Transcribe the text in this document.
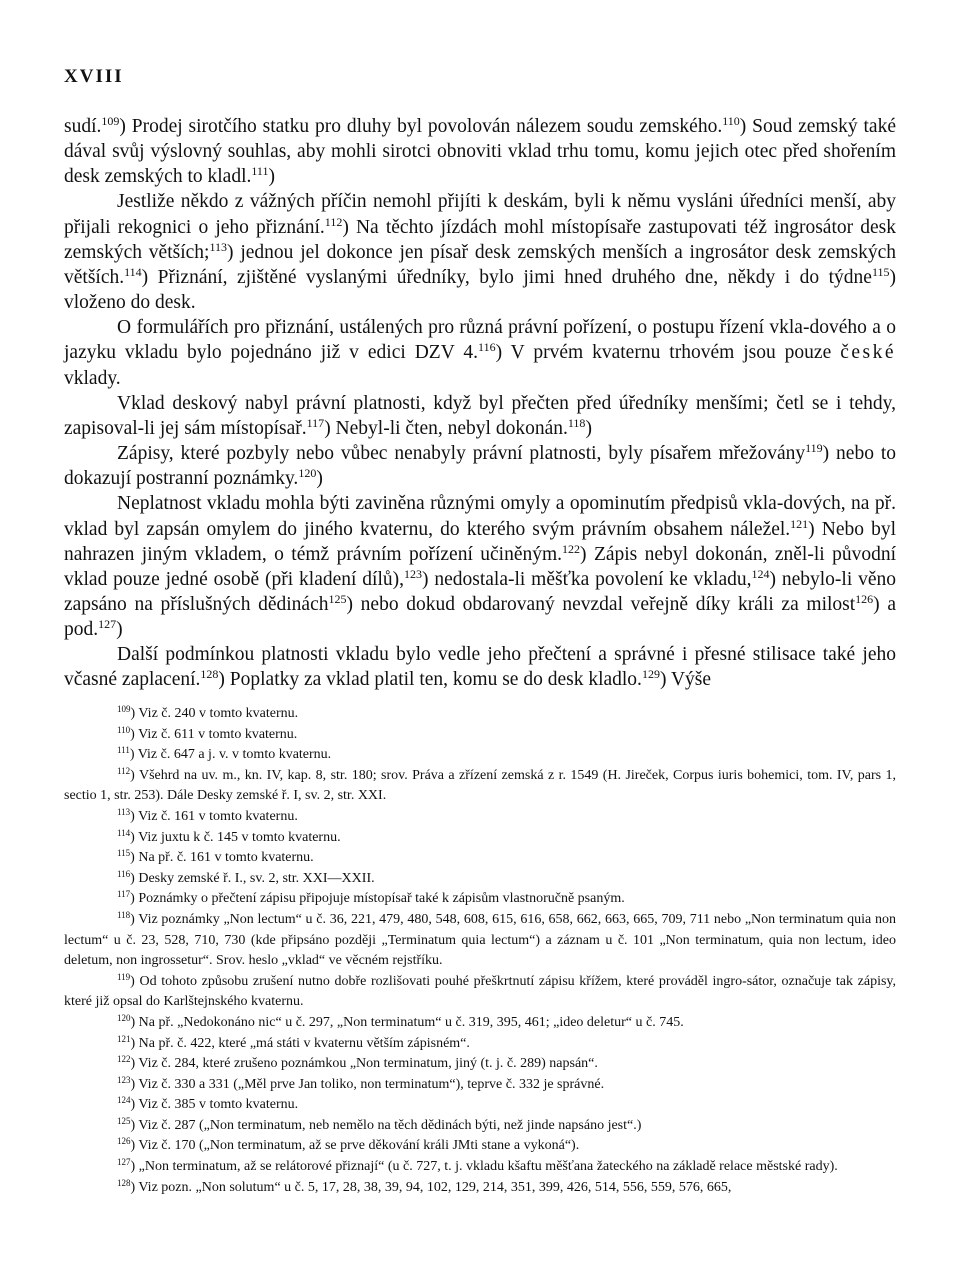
XVIII

sudí.$^{109}$) Prodej sirotčího statku pro dluhy byl povolován nálezem soudu zemského.$^{110}$) Soud zemský také dával svůj výslovný souhlas, aby mohli sirotci obnoviti vklad trhu tomu, komu jejich otec před shořením desk zemských to kladl.$^{111}$)

Jestliže někdo z vážných příčin nemohl přijíti k deskám, byli k němu vysláni úředníci menší, aby přijali rekognici o jeho přiznání.$^{112}$) Na těchto jízdách mohl místopísaře zastupovati též ingrosátor desk zemských větších;$^{113}$) jednou jel dokonce jen písař desk zemských menších a ingrosátor desk zemských větších.$^{114}$) Přiznání, zjištěné vyslanými úředníky, bylo jimi hned druhého dne, někdy i do týdne$^{115}$) vloženo do desk.

O formulářích pro přiznání, ustálených pro různá právní pořízení, o postupu řízení vkla-dového a o jazyku vkladu bylo pojednáno již v edici DZV 4.$^{116}$) V prvém kvaternu trhovém jsou pouze české vklady.

Vklad deskový nabyl právní platnosti, když byl přečten před úředníky menšími; četl se i tehdy, zapisoval-li jej sám místopísař.$^{117}$) Nebyl-li čten, nebyl dokonán.$^{118}$)

Zápisy, které pozbyly nebo vůbec nenabyly právní platnosti, byly písařem mřežovány$^{119}$) nebo to dokazují postranní poznámky.$^{120}$)

Neplatnost vkladu mohla býti zaviněna různými omyly a opominutím předpisů vkla-dových, na př. vklad byl zapsán omylem do jiného kvaternu, do kterého svým právním obsahem náležel.$^{121}$) Nebo byl nahrazen jiným vkladem, o témž právním pořízení učiněným.$^{122}$) Zápis nebyl dokonán, zněl-li původní vklad pouze jedné osobě (při kladení dílů),$^{123}$) nedostala-li měšťka povolení ke vkladu,$^{124}$) nebylo-li věno zapsáno na příslušných dědinách$^{125}$) nebo dokud obdarovaný nevzdal veřejně díky králi za milost$^{126}$) a pod.$^{127}$)

Další podmínkou platnosti vkladu bylo vedle jeho přečtení a správné i přesné stilisace také jeho včasné zaplacení.$^{128}$) Poplatky za vklad platil ten, komu se do desk kladlo.$^{129}$) Výše

$^{109}$) Viz č. 240 v tomto kvaternu.

$^{110}$) Viz č. 611 v tomto kvaternu.

$^{111}$) Viz č. 647 a j. v. v tomto kvaternu.

$^{112}$) Všehrd na uv. m., kn. IV, kap. 8, str. 180; srov. Práva a zřízení zemská z r. 1549 (H. Jireček, Corpus iuris bohemici, tom. IV, pars 1, sectio 1, str. 253). Dále Desky zemské ř. I, sv. 2, str. XXI.

$^{113}$) Viz č. 161 v tomto kvaternu.

$^{114}$) Viz juxtu k č. 145 v tomto kvaternu.

$^{115}$) Na př. č. 161 v tomto kvaternu.

$^{116}$) Desky zemské ř. I., sv. 2, str. XXI—XXII.

$^{117}$) Poznámky o přečtení zápisu připojuje místopísař také k zápisům vlastnoručně psaným.

$^{118}$) Viz poznámky „Non lectum“ u č. 36, 221, 479, 480, 548, 608, 615, 616, 658, 662, 663, 665, 709, 711 nebo „Non terminatum quia non lectum“ u č. 23, 528, 710, 730 (kde připsáno později „Terminatum quia lectum“) a záznam u č. 101 „Non terminatum, quia non lectum, ideo deletum, non ingrossetur“. Srov. heslo „vklad“ ve věcném rejstříku.

$^{119}$) Od tohoto způsobu zrušení nutno dobře rozlišovati pouhé přeškrtnutí zápisu křížem, které prováděl ingro-sátor, označuje tak zápisy, které již opsal do Karlštejnského kvaternu.

$^{120}$) Na př. „Nedokonáno nic“ u č. 297, „Non terminatum“ u č. 319, 395, 461; „ideo deletur“ u č. 745.

$^{121}$) Na př. č. 422, které „má státi v kvaternu větším zápisném“.

$^{122}$) Viz č. 284, které zrušeno poznámkou „Non terminatum, jiný (t. j. č. 289) napsán“.

$^{123}$) Viz č. 330 a 331 („Měl prve Jan toliko, non terminatum“), teprve č. 332 je správné.

$^{124}$) Viz č. 385 v tomto kvaternu.

$^{125}$) Viz č. 287 („Non terminatum, neb nemělo na těch dědinách býti, než jinde napsáno jest“.)

$^{126}$) Viz č. 170 („Non terminatum, až se prve děkování králi JMti stane a vykoná“).

$^{127}$) „Non terminatum, až se relátorové přiznají“ (u č. 727, t. j. vkladu kšaftu měšťana žateckého na základě relace městské rady).

$^{128}$) Viz pozn. „Non solutum“ u č. 5, 17, 28, 38, 39, 94, 102, 129, 214, 351, 399, 426, 514, 556, 559, 576, 665,
